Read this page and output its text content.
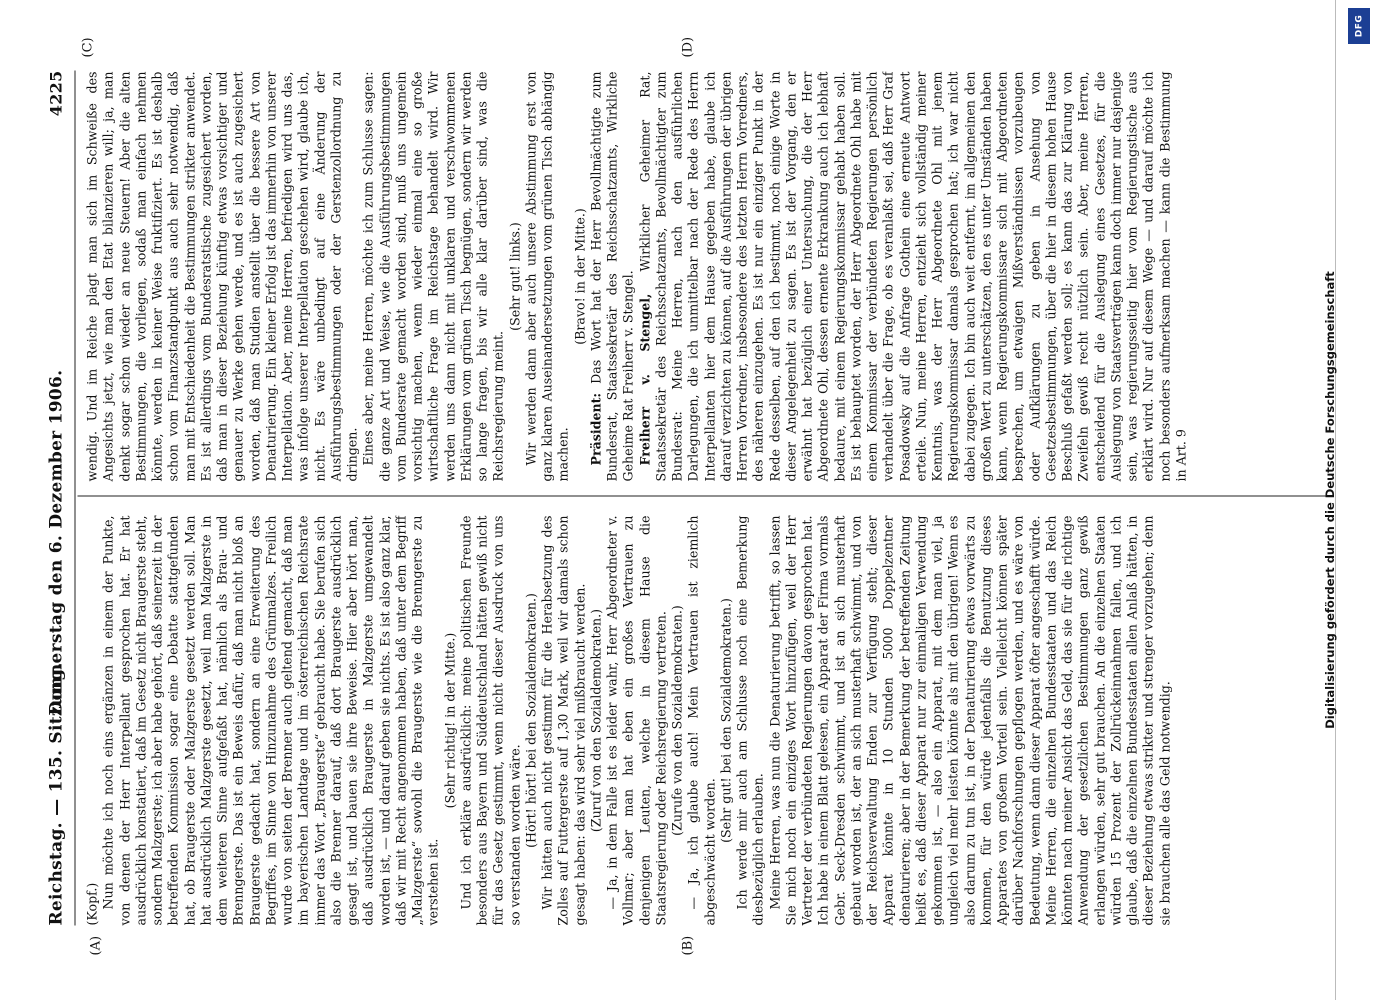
Reichstag. — 135. Sitzung.
Donnerstag den 6. Dezember 1906.
4225
(A)	(B)
(C)	(D)

(Kopf.) Nun möchte ich noch eins ergänzen in einem der Punkte, von denen der Herr Interpellant gesprochen hat. Er hat ausdrücklich konstatiert, daß im Gesetz nicht Braugerste steht, sondern Malzgerste; ich aber habe gehört, daß seinerzeit in der betreffenden Kommission sogar eine Debatte stattgefunden hat, ob Braugerste oder Malzgerste gesetzt werden soll. Man hat ausdrücklich Malzgerste gesetzt, weil man Malzgerste in dem weiteren Sinne aufgefaßt hat, nämlich als Brau- und Brenngerste. Das ist ein Beweis dafür, daß man nicht bloß an Braugerste gedacht hat, sondern an eine Erweiterung des Begriffes, im Sinne von Hinzunahme des Grünmalzes. Freilich wurde von seiten der Brenner auch geltend gemacht, daß man im bayerischen Landtage und im österreichischen Reichsrate immer das Wort „Braugerste“ gebraucht habe. Sie berufen sich also die Brenner darauf, daß dort Braugerste ausdrücklich gesagt ist, und bauen sie ihre Beweise. Hier aber hört man, daß ausdrücklich Braugerste in Malzgerste umgewandelt worden ist, — und darauf geben sie nichts. Es ist also ganz klar, daß wir mit Recht angenommen haben, daß unter dem Begriff „Malzgerste“ sowohl die Braugerste wie die Brenngerste zu verstehen ist.

(Sehr richtig! in der Mitte.) Und ich erkläre ausdrücklich: meine politischen Freunde besonders aus Bayern und Süddeutschland hätten gewiß nicht für das Gesetz gestimmt, wenn nicht dieser Ausdruck von uns so verstanden worden wäre. (Hört! hört! bei den Sozialdemokraten.) Wir hätten auch nicht gestimmt für die Herabsetzung des Zolles auf Futtergerste auf 1,30 Mark, weil wir damals schon gesagt haben: das wird sehr viel mißbraucht werden. (Zuruf von den Sozialdemokraten.) — Ja, in dem Falle ist es leider wahr, Herr Abgeordneter v. Vollmar; aber man hat eben ein großes Vertrauen zu denjenigen Leuten, welche in diesem Hause die Staatsregierung oder Reichsregierung vertreten. (Zurufe von den Sozialdemokraten.) — Ja, ich glaube auch! Mein Vertrauen ist ziemlich abgeschwächt worden.

(Sehr gut! bei den Sozialdemokraten.) Ich werde mir auch am Schlusse noch eine Bemerkung diesbezüglich erlauben. Meine Herren, was nun die Denaturierung betrifft, so lassen Sie mich noch ein einziges Wort hinzufügen, weil der Herr Vertreter der verbündeten Regierungen davon gesprochen hat. Ich habe in einem Blatt gelesen, ein Apparat der Firma vormals Gebr. Seck-Dresden schwimmt, und ist an sich musterhaft gebaut worden ist, der an sich musterhaft schwimmt, und von der Reichsverwaltung Enden zur Verfügung steht; dieser Apparat könnte in 10 Stunden 5000 Doppelzentner denaturieren; aber in der Bemerkung der betreffenden Zeitung heißt es, daß dieser Apparat nur zur einmaligen Verwendung gekommen ist, — also ein Apparat, mit dem man viel, ja ungleich viel mehr leisten könnte als mit den übrigen! Wenn es also darum zu tun ist, in der Denaturierung etwas vorwärts zu kommen, für den würde jedenfalls die Benutzung dieses Apparates von großem Vorteil sein. Vielleicht können später darüber Nachforschungen gepflogen werden, und es wäre von Bedeutung, wenn dann dieser Apparat öfter angeschafft würde. Meine Herren, die einzelnen Bundesstaaten und das Reich könnten nach meiner Ansicht das Geld, das sie für die richtige Anwendung der gesetzlichen Bestimmungen ganz gewiß erlangen würden, sehr gut brauchen. An die einzelnen Staaten würden 15 Prozent der Zollrückeinnahmen fallen, und ich glaube, daß die einzelnen Bundesstaaten allen Anlaß hätten, in dieser Beziehung etwas strikter und strenger vorzugehen; denn sie brauchen alle das Geld notwendig.

wendig. Und im Reiche plagt man sich im Schweiße des Angesichts jetzt, wie man den Etat bilanzieren will; ja, man denkt sogar schon wieder an neue Steuern! Aber die alten Bestimmungen, die vorliegen, sodaß man einfach nehmen könnte, werden in keiner Weise fruktifiziert. Es ist deshalb schon vom Finanzstandpunkt aus auch sehr notwendig, daß man mit Entschiedenheit die Bestimmungen strikter anwendet. Es ist allerdings vom Bundesratstische zugesichert worden, daß man in dieser Beziehung künftig etwas vorsichtiger und genauer zu Werke gehen werde, und es ist auch zugesichert worden, daß man Studien anstellt über die bessere Art von Denaturierung. Ein kleiner Erfolg ist das immerhin von unserer Interpellation. Aber, meine Herren, befriedigen wird uns das, was infolge unserer Interpellation geschehen wird, glaube ich, nicht. Es wäre unbedingt auf eine Änderung der Ausführungsbestimmungen oder der Gerstenzollordnung zu dringen. Eines aber, meine Herren, möchte ich zum Schlusse sagen: die ganze Art und Weise, wie die Ausführungsbestimmungen vom Bundesrate gemacht worden sind, muß uns ungemein vorsichtig machen, wenn wieder einmal eine so große wirtschaftliche Frage im Reichstage behandelt wird. Wir werden uns dann nicht mit unklaren und verschwommenen Erklärungen vom grünen Tisch begnügen, sondern wir werden so lange fragen, bis wir alle klar darüber sind, was die Reichsregierung meint.

(Sehr gut! links.) Wir werden dann aber auch unsere Abstimmung erst von ganz klaren Auseinandersetzungen vom grünen Tisch abhängig machen.

(Bravo! in der Mitte.)

Präsident: Das Wort hat der Herr Bevollmächtigte zum Bundesrat, Staatssekretär des Reichsschatzamts, Wirkliche Geheime Rat Freiherr v. Stengel. Freiherr v. Stengel, Wirklicher Geheimer Rat, Staatssekretär des Reichsschatzamts, Bevollmächtigter zum Bundesrat: Meine Herren, nach den ausführlichen Darlegungen, die ich unmittelbar nach der Rede des Herrn Interpellanten hier dem Hause gegeben habe, glaube ich darauf verzichten zu können, auf die Ausführungen der übrigen Herren Vorredner, insbesondere des letzten Herrn Vorredners, des näheren einzugehen. Es ist nur ein einziger Punkt in der Rede desselben, auf den ich bestimmt, noch einige Worte in dieser Angelegenheit zu sagen. Es ist der Vorgang, den er erwähnt hat bezüglich einer Untersuchung, die der Herr Abgeordnete Ohl, dessen ernente Erkrankung auch ich lebhaft bedaure, mit einem Regierungskommissar gehabt haben soll. Es ist behauptet worden, der Herr Abgeordnete Ohl habe mit einem Kommissar der verbündeten Regierungen persönlich verhandelt über die Frage, ob es veranlaßt sei, daß Herr Graf Posadowsky auf die Anfrage Gothein eine erneute Antwort erteile. Nun, meine Herren, entzieht sich vollständig meiner Kenntnis, was der Herr Abgeordnete Ohl mit jenem Regierungskommissar damals gesprochen hat; ich war nicht dabei zugegen. Ich bin auch weit entfernt, im allgemeinen den großen Wert zu unterschätzen, den es unter Umständen haben kann, wenn Regierungskommissare sich mit Abgeordneten besprechen, um etwaigen Mißverständnissen vorzubeugen oder Aufklärungen zu geben in Ansehung von Gesetzesbestimmungen, über die hier in diesem hohen Hause Beschluß gefaßt werden soll; es kann das zur Klärung von Zweifeln gewiß recht nützlich sein. Aber, meine Herren, entscheidend für die Auslegung eines Gesetzes, für die Auslegung von Staatsverträgen kann doch immer nur dasjenige sein, was regierungsseitig hier vom Regierungstische aus erklärt wird. Nur auf diesem Wege — und darauf möchte ich noch besonders aufmerksam machen — kann die Bestimmung in Art. 9	Digitalisierung gefördert durch die Deutsche Forschungsgemeinschaft
DFG
